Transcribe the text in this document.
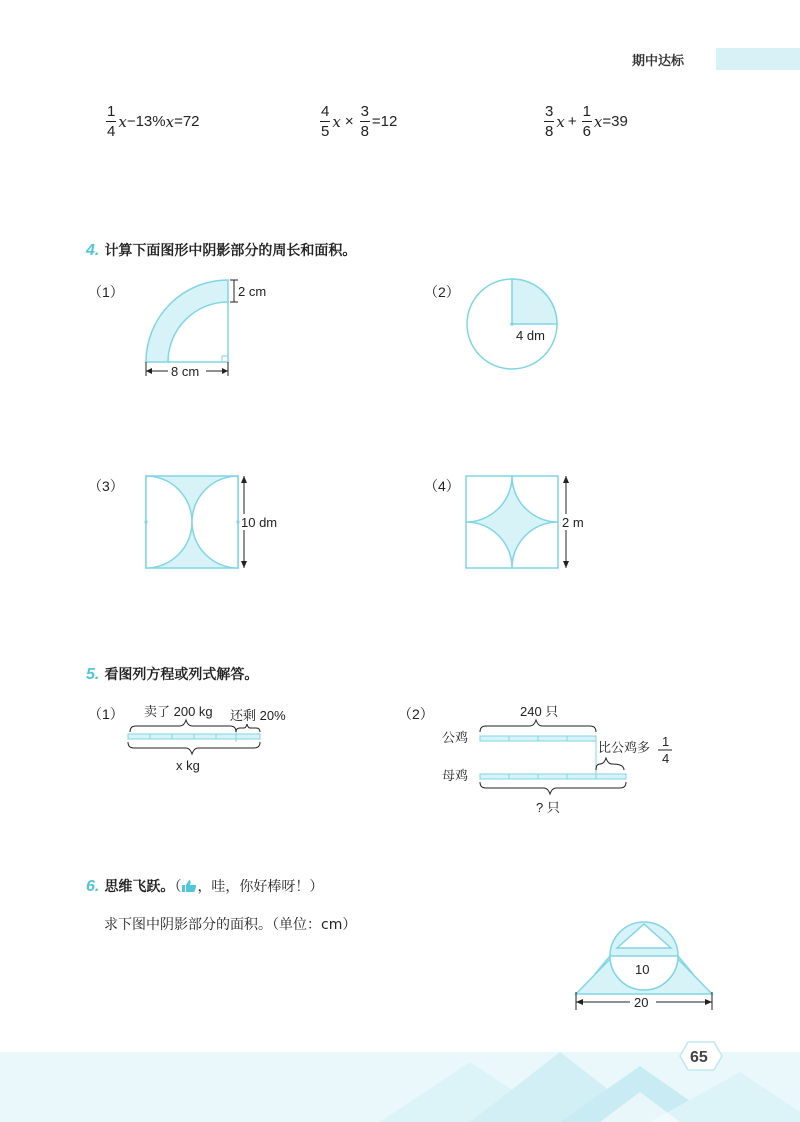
期中达标
$\frac{1}{4}$ x −13% x =72	$\frac{4}{5}$ $x \times \frac{3}{8} =12$	$\frac{3}{8}$ $x + \frac{1}{6}$ x =39
4. 计算下面图形中阴影部分的周长和面积。
（1）	2 cm
8 cm
（2）
4 dm
（3）
10 dm
（4）
2 m
5. 看图列方程或列式解答。
（1） 卖了 200 kg 还剩 20%
x kg
（2）	240 只
公鸡
母鸡
比公鸡多 1
4
? 只
6. 思维飞跃。（ ，哇，你好棒呀！）
求下图中阴影部分的面积。（单位：cm）
10
20
65
